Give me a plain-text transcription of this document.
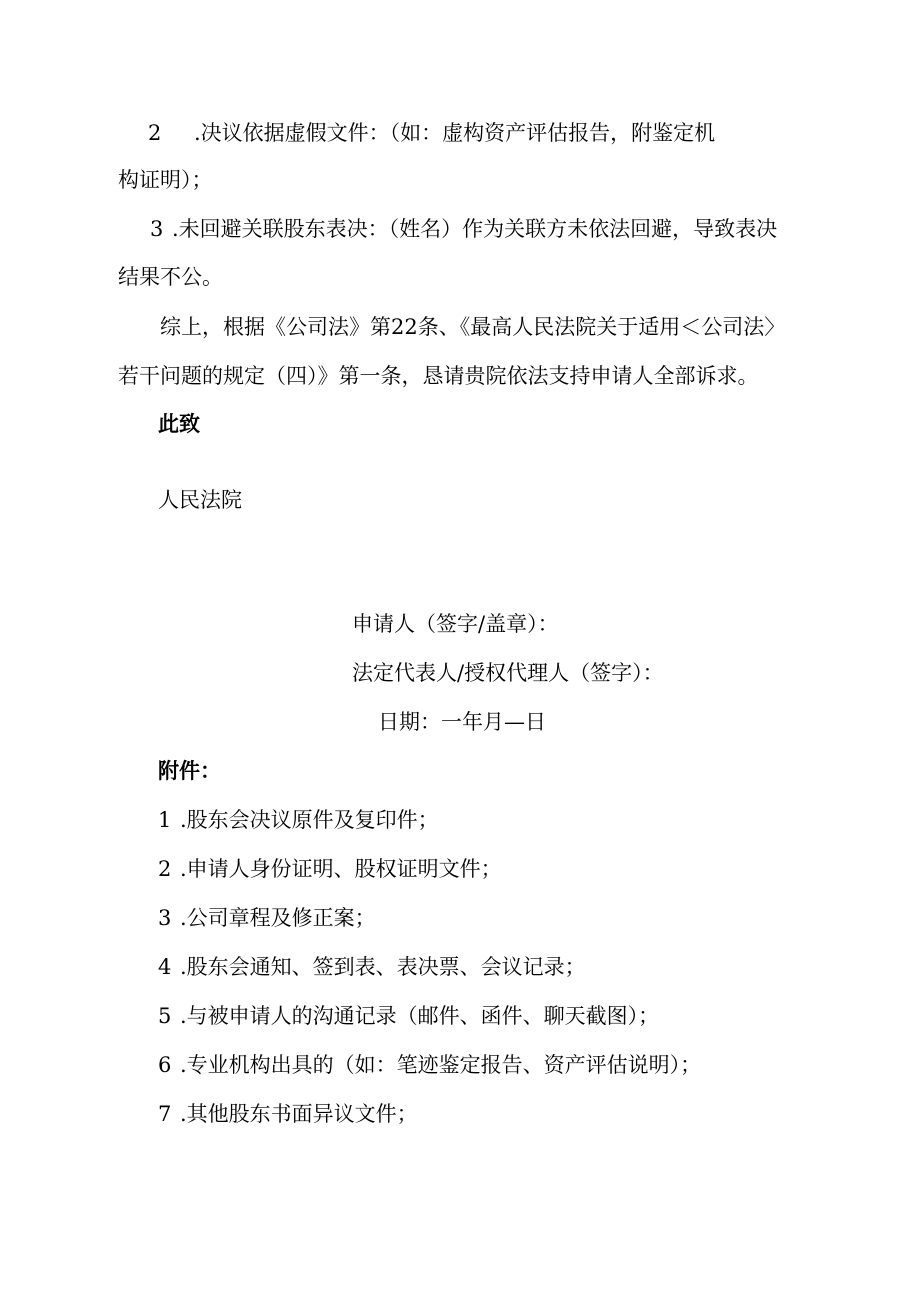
2 .决议依据虚假文件：（如：虚构资产评估报告，附鉴定机
构证明）；
3 .未回避关联股东表决：（姓名）作为关联方未依法回避，导致表决
结果不公。
综上，根据《公司法》第22条、《最高人民法院关于适用＜公司法〉
若干问题的规定（四）》第一条，恳请贵院依法支持申请人全部诉求。
此致
人民法院
申请人（签字/盖章）：
法定代表人/授权代理人（签字）：
日期：一年月—日
附件：
1 .股东会决议原件及复印件；
2 .申请人身份证明、股权证明文件；
3 .公司章程及修正案；
4 .股东会通知、签到表、表决票、会议记录；
5 .与被申请人的沟通记录（邮件、函件、聊天截图）；
6 .专业机构出具的（如：笔迹鉴定报告、资产评估说明）；
7 .其他股东书面异议文件；
